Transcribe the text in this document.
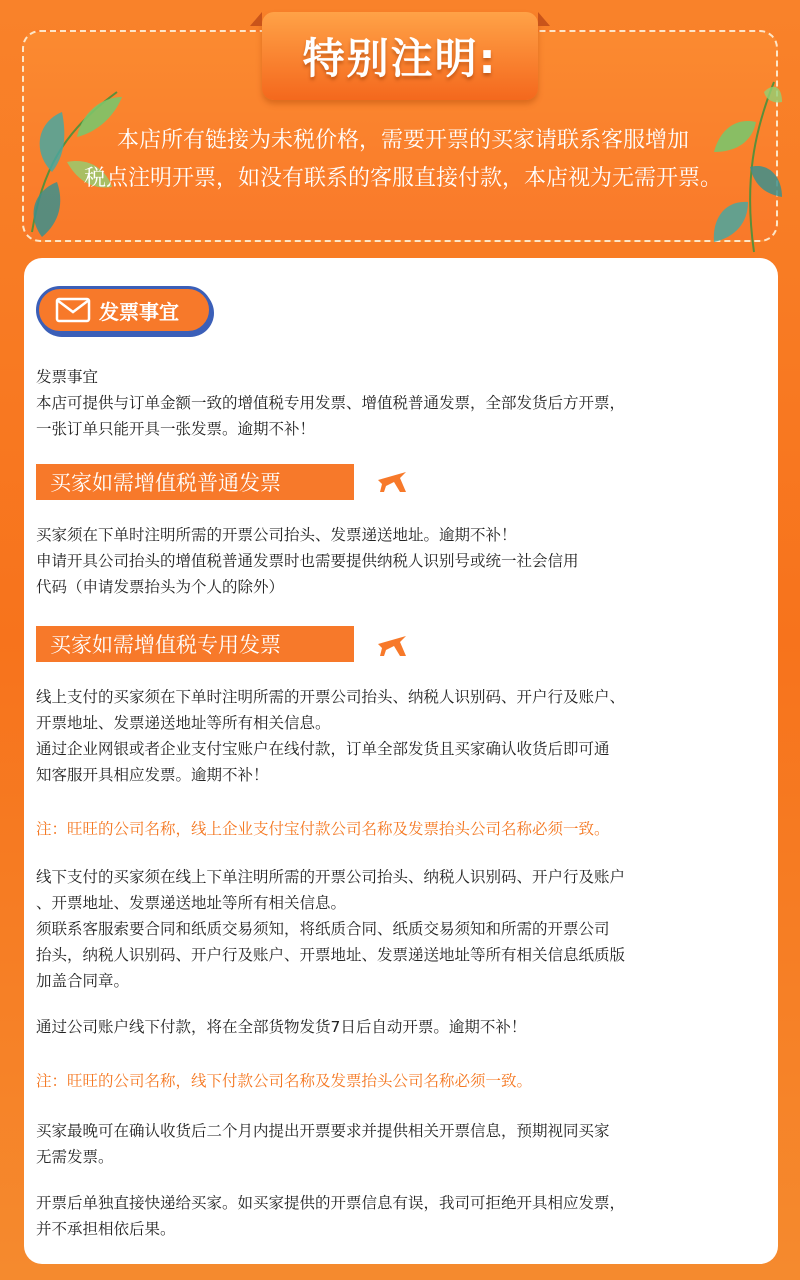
本店所有链接为未税价格，需要开票的买家请联系客服增加
税点注明开票，如没有联系的客服直接付款，本店视为无需开票。
特别注明:
发票事宜
发票事宜
本店可提供与订单金额一致的增值税专用发票、增值税普通发票，全部发货后方开票，
一张订单只能开具一张发票。逾期不补！
买家如需增值税普通发票
买家须在下单时注明所需的开票公司抬头、发票递送地址。逾期不补！
申请开具公司抬头的增值税普通发票时也需要提供纳税人识别号或统一社会信用
代码（申请发票抬头为个人的除外）
买家如需增值税专用发票
线上支付的买家须在下单时注明所需的开票公司抬头、纳税人识别码、开户行及账户、
开票地址、发票递送地址等所有相关信息。
通过企业网银或者企业支付宝账户在线付款，订单全部发货且买家确认收货后即可通
知客服开具相应发票。逾期不补！
注：旺旺的公司名称，线上企业支付宝付款公司名称及发票抬头公司名称必须一致。
线下支付的买家须在线上下单注明所需的开票公司抬头、纳税人识别码、开户行及账户
、开票地址、发票递送地址等所有相关信息。
须联系客服索要合同和纸质交易须知，将纸质合同、纸质交易须知和所需的开票公司
抬头，纳税人识别码、开户行及账户、开票地址、发票递送地址等所有相关信息纸质版
加盖合同章。
通过公司账户线下付款，将在全部货物发货7日后自动开票。逾期不补！
注：旺旺的公司名称，线下付款公司名称及发票抬头公司名称必须一致。
买家最晚可在确认收货后二个月内提出开票要求并提供相关开票信息，预期视同买家
无需发票。
开票后单独直接快递给买家。如买家提供的开票信息有误，我司可拒绝开具相应发票，
并不承担相依后果。
